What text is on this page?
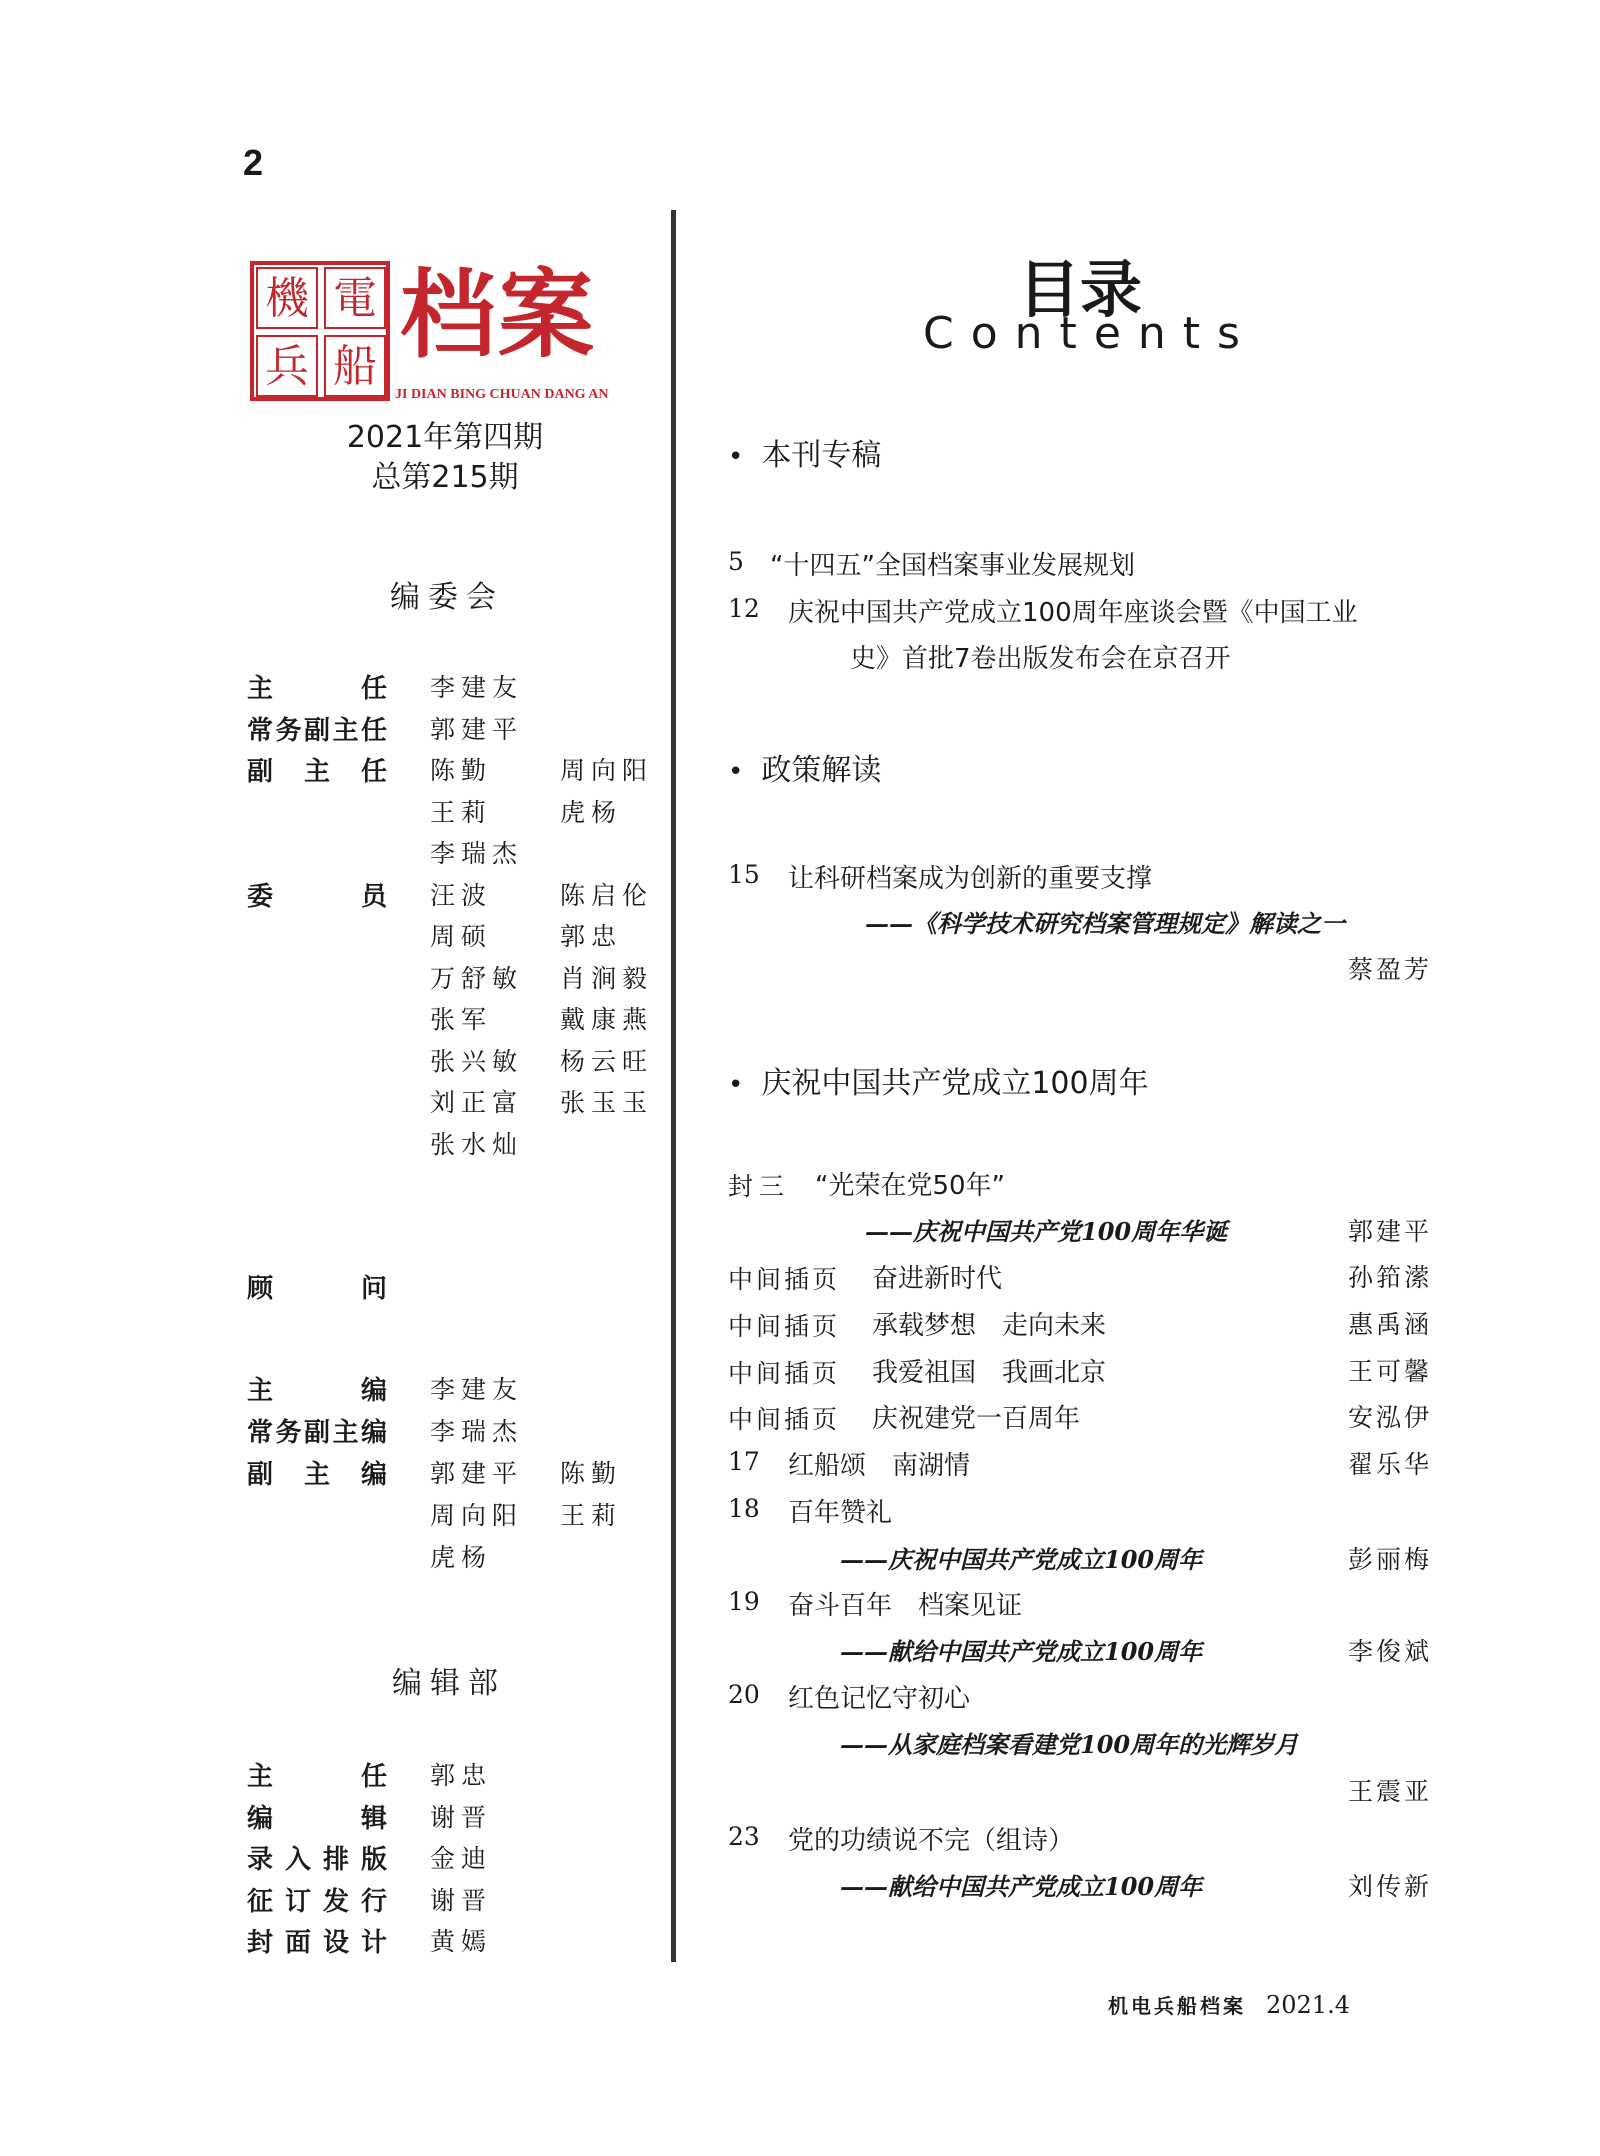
2
電
機
船
兵 档案
JI DIAN BING CHUAN DANG AN
2021年第四期
总第215期
编委会
主	任 李建友
常 务 副 主 任 郭建平
副 主 任 陈勤	周向阳
王莉	虎杨
李瑞杰
委	员 汪波	陈启伦
周硕	郭忠
万舒敏 肖涧毅
张军	戴康燕
张兴敏 杨云旺
刘正富 张玉玉
张水灿
顾	问
主	编 李建友
常 务 副 主 编 李瑞杰
副 主 编 郭建平 陈勤
周向阳 王莉
虎杨
编辑部
主	任 郭忠
编	辑 谢晋
录 入 排 版 金迪
征 订 发 行 谢晋
封 面 设 计 黄嫣
目录
Contents
• 本刊专稿
5 “十四五”全国档案事业发展规划
12 庆祝中国共产党成立100周年座谈会暨《中国工业
史》首批7卷出版发布会在京召开
• 政策解读
15 让科研档案成为创新的重要支撑
——《科学技术研究档案管理规定》解读之一
蔡盈芳
• 庆祝中国共产党成立100周年
封三 “光荣在党50年”
——庆祝中国共产党100周年华诞	郭建平
中间插页 奋进新时代	孙筘潆
中间插页 承载梦想　走向未来	惠禹涵
中间插页 我爱祖国　我画北京	王可馨
中间插页 庆祝建党一百周年	安泓伊
17 红船颂　南湖情	翟乐华
18 百年赞礼
——庆祝中国共产党成立100周年	彭丽梅
19 奋斗百年　档案见证
——献给中国共产党成立100周年	李俊斌
20 红色记忆守初心
——从家庭档案看建党100周年的光辉岁月
王震亚
23 党的功绩说不完（组诗）
——献给中国共产党成立100周年	刘传新
机电兵船档案 2021.4
